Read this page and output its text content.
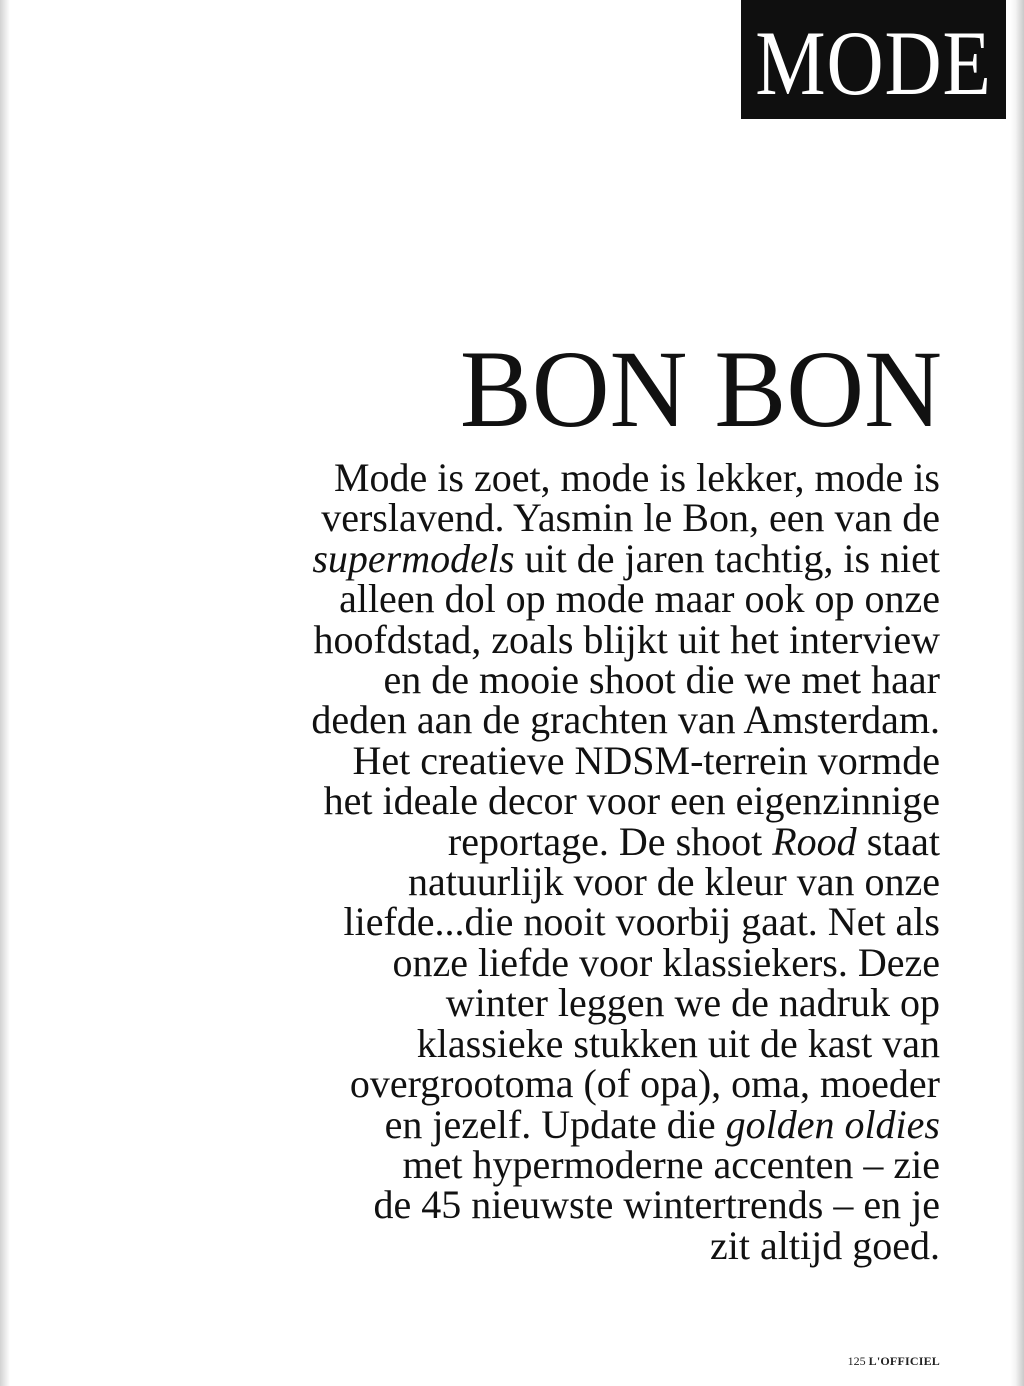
MODE
BON BON
Mode is zoet, mode is lekker, mode is
verslavend. Yasmin le Bon, een van de
supermodels uit de jaren tachtig, is niet
alleen dol op mode maar ook op onze
hoofdstad, zoals blijkt uit het interview
en de mooie shoot die we met haar
deden aan de grachten van Amsterdam.
Het creatieve NDSM-terrein vormde
het ideale decor voor een eigenzinnige
reportage. De shoot Rood staat
natuurlijk voor de kleur van onze
liefde...die nooit voorbij gaat. Net als
onze liefde voor klassiekers. Deze
winter leggen we de nadruk op
klassieke stukken uit de kast van
overgrootoma (of opa), oma, moeder
en jezelf. Update die golden oldies
met hypermoderne accenten – zie
de 45 nieuwste wintertrends – en je
zit altijd goed.
125 L'OFFICIEL
